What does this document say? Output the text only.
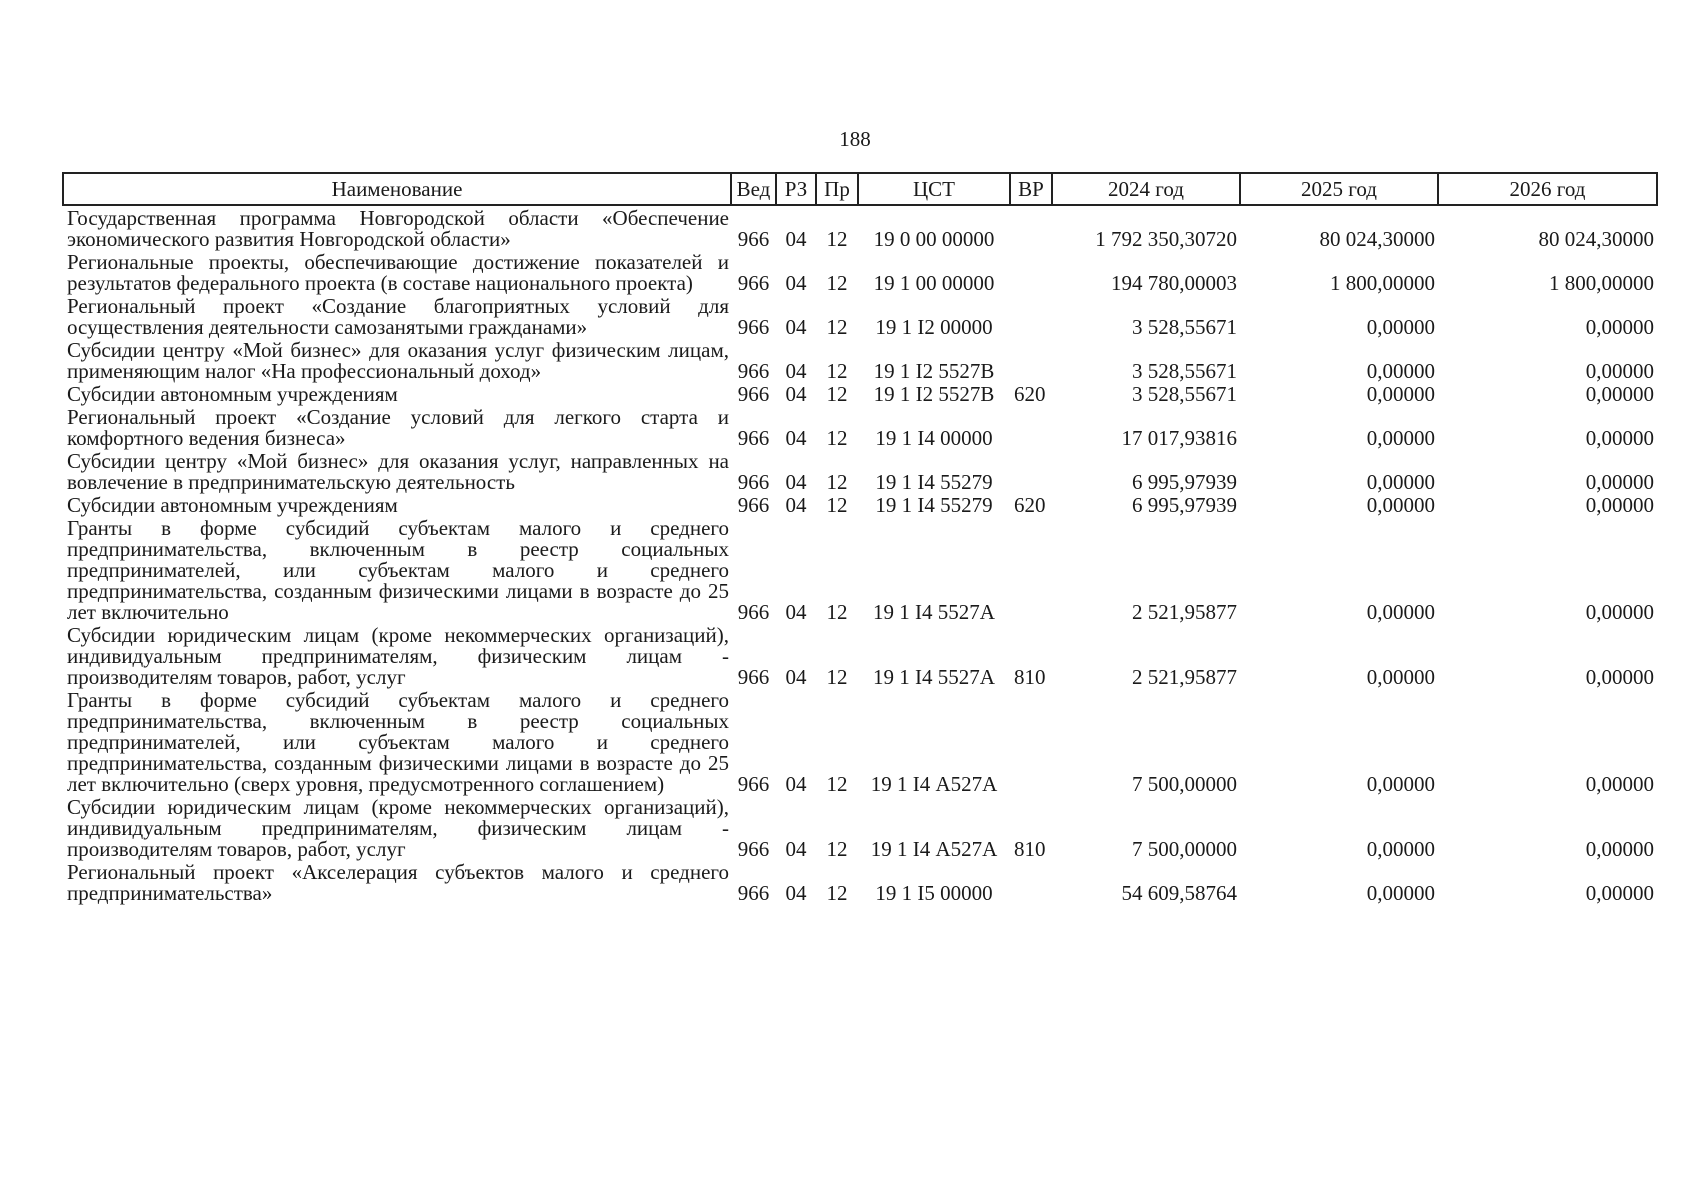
188
Наименование	Вед	РЗ	Пр	ЦСТ	ВР	2024 год	2025 год	2026 год
Государственная программа Новгородской области «Обеспечение экономического развития Новгородской области»	966	04	12	19 0 00 00000		1 792 350,30720	80 024,30000	80 024,30000
Региональные проекты, обеспечивающие достижение показателей и результатов федерального проекта (в составе национального проекта)	966	04	12	19 1 00 00000		194 780,00003	1 800,00000	1 800,00000
Региональный проект «Создание благоприятных условий для осуществления деятельности самозанятыми гражданами»	966	04	12	19 1 I2 00000		3 528,55671	0,00000	0,00000
Субсидии центру «Мой бизнес» для оказания услуг физическим лицам, применяющим налог «На профессиональный доход»	966	04	12	19 1 I2 5527В		3 528,55671	0,00000	0,00000
Субсидии автономным учреждениям	966	04	12	19 1 I2 5527В	620	3 528,55671	0,00000	0,00000
Региональный проект «Создание условий для легкого старта и комфортного ведения бизнеса»	966	04	12	19 1 I4 00000		17 017,93816	0,00000	0,00000
Субсидии центру «Мой бизнес» для оказания услуг, направленных на вовлечение в предпринимательскую деятельность	966	04	12	19 1 I4 55279		6 995,97939	0,00000	0,00000
Субсидии автономным учреждениям	966	04	12	19 1 I4 55279	620	6 995,97939	0,00000	0,00000
Гранты в форме субсидий субъектам малого и среднего предпринимательства, включенным в реестр социальных предпринимателей, или субъектам малого и среднего предпринимательства, созданным физическими лицами в возрасте до 25 лет включительно	966	04	12	19 1 I4 5527А		2 521,95877	0,00000	0,00000
Субсидии юридическим лицам (кроме некоммерческих организаций), индивидуальным предпринимателям, физическим лицам - производителям товаров, работ, услуг	966	04	12	19 1 I4 5527А	810	2 521,95877	0,00000	0,00000
Гранты в форме субсидий субъектам малого и среднего предпринимательства, включенным в реестр социальных предпринимателей, или субъектам малого и среднего предпринимательства, созданным физическими лицами в возрасте до 25 лет включительно (сверх уровня, предусмотренного соглашением)	966	04	12	19 1 I4 А527А		7 500,00000	0,00000	0,00000
Субсидии юридическим лицам (кроме некоммерческих организаций), индивидуальным предпринимателям, физическим лицам - производителям товаров, работ, услуг	966	04	12	19 1 I4 А527А	810	7 500,00000	0,00000	0,00000
Региональный проект «Акселерация субъектов малого и среднего предпринимательства»	966	04	12	19 1 I5 00000		54 609,58764	0,00000	0,00000
